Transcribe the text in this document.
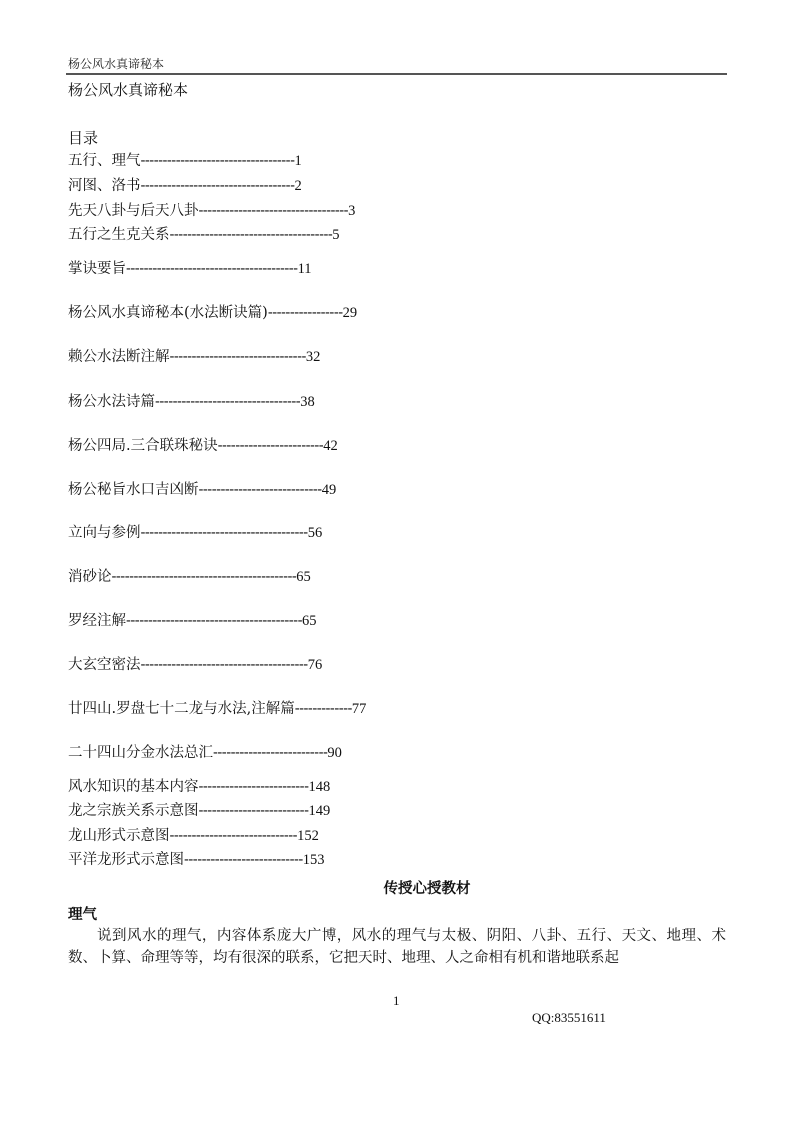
杨公风水真谛秘本
杨公风水真谛秘本
目录
五行、理气-----------------------------------1
河图、洛书-----------------------------------2
先天八卦与后天八卦----------------------------------3
五行之生克关系-------------------------------------5
掌诀要旨---------------------------------------11
杨公风水真谛秘本(水法断诀篇)-----------------29
赖公水法断注解-------------------------------32
杨公水法诗篇---------------------------------38
杨公四局.三合联珠秘诀------------------------42
杨公秘旨水口吉凶断----------------------------49
立向与参例--------------------------------------56
消砂论------------------------------------------65
罗经注解----------------------------------------65
大玄空密法--------------------------------------76
廿四山.罗盘七十二龙与水法,注解篇-------------77
二十四山分金水法总汇--------------------------90
风水知识的基本内容-------------------------148
龙之宗族关系示意图-------------------------149
龙山形式示意图-----------------------------152
平洋龙形式示意图---------------------------153
传授心授教材
理气
说到风水的理气，内容体系庞大广博，风水的理气与太极、阴阳、八卦、五行、天文、地理、术数、卜算、命理等等，均有很深的联系，它把天时、地理、人之命相有机和谐地联系起
1
QQ:83551611
